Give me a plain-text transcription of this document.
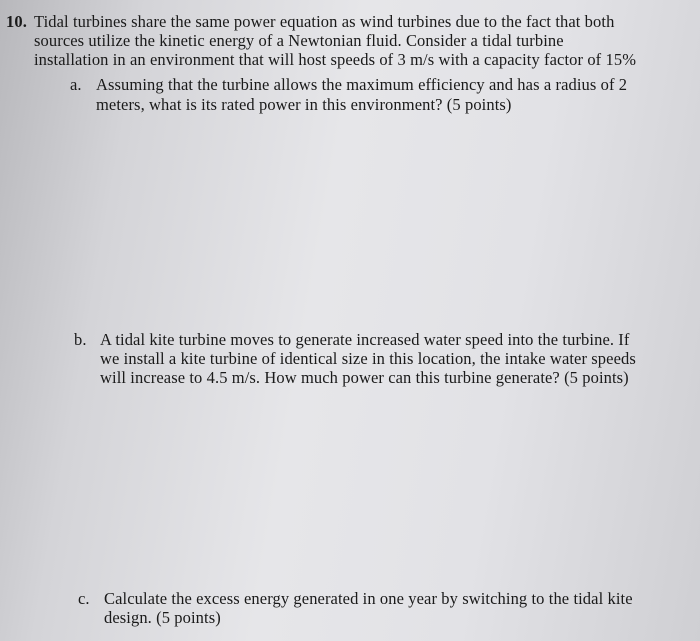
10. Tidal turbines share the same power equation as wind turbines due to the fact that both
sources utilize the kinetic energy of a Newtonian fluid. Consider a tidal turbine
installation in an environment that will host speeds of 3 m/s with a capacity factor of 15%
a. Assuming that the turbine allows the maximum efficiency and has a radius of 2
meters, what is its rated power in this environment? (5 points)
b. A tidal kite turbine moves to generate increased water speed into the turbine. If
we install a kite turbine of identical size in this location, the intake water speeds
will increase to 4.5 m/s. How much power can this turbine generate? (5 points)
c. Calculate the excess energy generated in one year by switching to the tidal kite
design. (5 points)
